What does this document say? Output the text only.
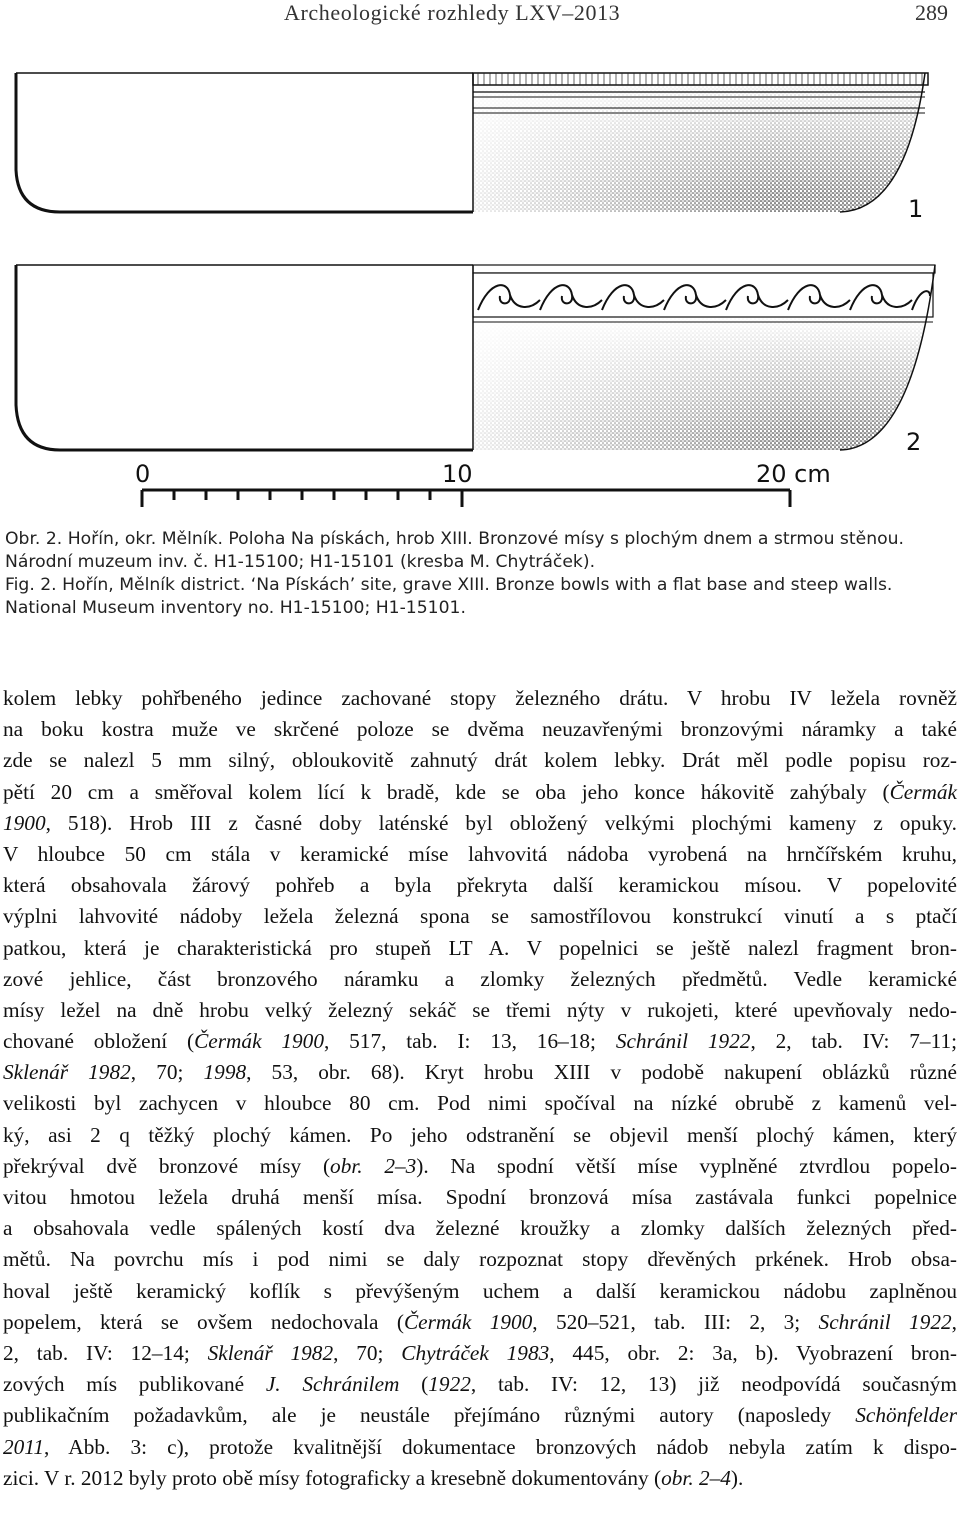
Archeologické rozhledy LXV–2013	289
1
2
0	10	20 cm
Obr. 2. Hořín, okr. Mělník. Poloha Na pískách, hrob XIII. Bronzové mísy s plochým dnem a strmou stěnou.
Národní muzeum inv. č. H1-15100; H1-15101 (kresba M. Chytráček).
Fig. 2. Hořín, Mělník district. ‘Na Pískách’ site, grave XIII. Bronze bowls with a flat base and steep walls.
National Museum inventory no. H1-15100; H1-15101.
kolem lebky pohřbeného jedince zachované stopy železného drátu. V hrobu IV ležela rovněž
na boku kostra muže ve skrčené poloze se dvěma neuzavřenými bronzovými náramky a také
zde se nalezl 5 mm silný, obloukovitě zahnutý drát kolem lebky. Drát měl podle popisu roz-
pětí 20 cm a směřoval kolem lící k bradě, kde se oba jeho konce hákovitě zahýbaly (Čermák
1900, 518). Hrob III z časné doby laténské byl obložený velkými plochými kameny z opuky.
V hloubce 50 cm stála v keramické míse lahvovitá nádoba vyrobená na hrnčířském kruhu,
která obsahovala žárový pohřeb a byla překryta další keramickou mísou. V popelovité
výplni lahvovité nádoby ležela železná spona se samostřílovou konstrukcí vinutí a s ptačí
patkou, která je charakteristická pro stupeň LT A. V popelnici se ještě nalezl fragment bron-
zové jehlice, část bronzového náramku a zlomky železných předmětů. Vedle keramické
mísy ležel na dně hrobu velký železný sekáč se třemi nýty v rukojeti, které upevňovaly nedo-
chované obložení (Čermák 1900, 517, tab. I: 13, 16–18; Schránil 1922, 2, tab. IV: 7–11;
Sklenář 1982, 70; 1998, 53, obr. 68). Kryt hrobu XIII v podobě nakupení oblázků různé
velikosti byl zachycen v hloubce 80 cm. Pod nimi spočíval na nízké obrubě z kamenů vel-
ký, asi 2 q těžký plochý kámen. Po jeho odstranění se objevil menší plochý kámen, který
překrýval dvě bronzové mísy (obr. 2–3). Na spodní větší míse vyplněné ztvrdlou popelo-
vitou hmotou ležela druhá menší mísa. Spodní bronzová mísa zastávala funkci popelnice
a obsahovala vedle spálených kostí dva železné kroužky a zlomky dalších železných před-
mětů. Na povrchu mís i pod nimi se daly rozpoznat stopy dřevěných prkének. Hrob obsa-
hoval ještě keramický koflík s převýšeným uchem a další keramickou nádobu zaplněnou
popelem, která se ovšem nedochovala (Čermák 1900, 520–521, tab. III: 2, 3; Schránil 1922,
2, tab. IV: 12–14; Sklenář 1982, 70; Chytráček 1983, 445, obr. 2: 3a, b). Vyobrazení bron-
zových mís publikované J. Schránilem (1922, tab. IV: 12, 13) již neodpovídá současným
publikačním požadavkům, ale je neustále přejímáno různými autory (naposledy Schönfelder
2011, Abb. 3: c), protože kvalitnější dokumentace bronzových nádob nebyla zatím k dispo-
zici. V r. 2012 byly proto obě mísy fotograficky a kresebně dokumentovány (obr. 2–4).
